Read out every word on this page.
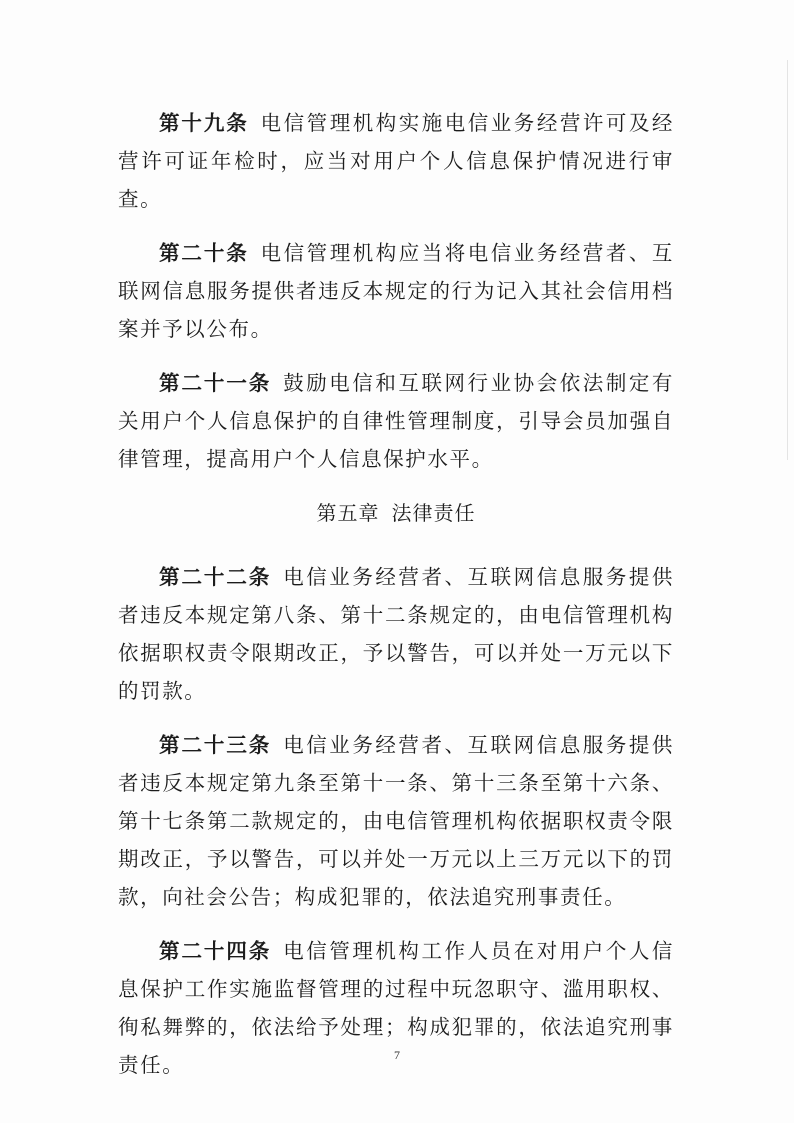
第十九条 电信管理机构实施电信业务经营许可及经营许可证年检时，应当对用户个人信息保护情况进行审查。

第二十条 电信管理机构应当将电信业务经营者、互联网信息服务提供者违反本规定的行为记入其社会信用档案并予以公布。

第二十一条 鼓励电信和互联网行业协会依法制定有关用户个人信息保护的自律性管理制度，引导会员加强自律管理，提高用户个人信息保护水平。

第五章 法律责任

第二十二条 电信业务经营者、互联网信息服务提供者违反本规定第八条、第十二条规定的，由电信管理机构依据职权责令限期改正，予以警告，可以并处一万元以下的罚款。

第二十三条 电信业务经营者、互联网信息服务提供者违反本规定第九条至第十一条、第十三条至第十六条、第十七条第二款规定的，由电信管理机构依据职权责令限期改正，予以警告，可以并处一万元以上三万元以下的罚款，向社会公告；构成犯罪的，依法追究刑事责任。

第二十四条 电信管理机构工作人员在对用户个人信息保护工作实施监督管理的过程中玩忽职守、滥用职权、徇私舞弊的，依法给予处理；构成犯罪的，依法追究刑事责任。	7
